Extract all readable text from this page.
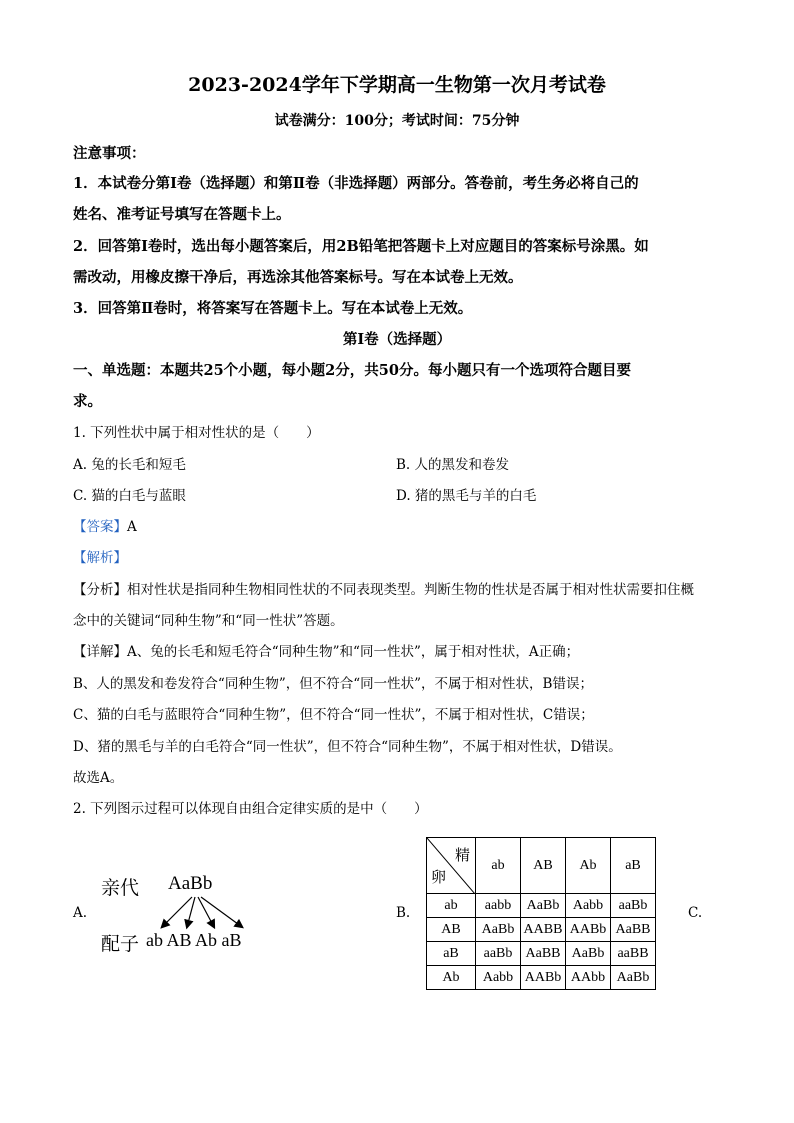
2023-2024学年下学期高一生物第一次月考试卷
试卷满分：100分；考试时间：75分钟
注意事项：
1．本试卷分第Ⅰ卷（选择题）和第Ⅱ卷（非选择题）两部分。答卷前，考生务必将自己的
姓名、准考证号填写在答题卡上。
2．回答第Ⅰ卷时，选出每小题答案后，用2B铅笔把答题卡上对应题目的答案标号涂黑。如
需改动，用橡皮擦干净后，再选涂其他答案标号。写在本试卷上无效。
3．回答第Ⅱ卷时，将答案写在答题卡上。写在本试卷上无效。
第Ⅰ卷（选择题）
一、单选题：本题共25个小题，每小题2分，共50分。每小题只有一个选项符合题目要
求。
1. 下列性状中属于相对性状的是（　　）
A. 兔的长毛和短毛	B. 人的黑发和卷发
C. 猫的白毛与蓝眼	D. 猪的黑毛与羊的白毛
【答案】A
【解析】
【分析】相对性状是指同种生物相同性状的不同表现类型。判断生物的性状是否属于相对性状需要扣住概
念中的关键词“同种生物”和“同一性状”答题。
【详解】A、兔的长毛和短毛符合“同种生物”和“同一性状”，属于相对性状，A正确；
B、人的黑发和卷发符合“同种生物”，但不符合“同一性状”，不属于相对性状，B错误；
C、猫的白毛与蓝眼符合“同种生物”，但不符合“同一性状”，不属于相对性状，C错误；
D、猪的黑毛与羊的白毛符合“同一性状”，但不符合“同种生物”，不属于相对性状，D错误。
故选A。
2. 下列图示过程可以体现自由组合定律实质的是中（　　）
A.	B.	C.
亲代 AaBb
配子 ab AB Ab aB
精
卵	ab	AB	Ab	aB
ab	aabb	AaBb	Aabb	aaBb
AB	AaBb	AABB	AABb	AaBB
aB	aaBb	AaBB	AaBb	aaBB
Ab	Aabb	AABb	AAbb	AaBb
